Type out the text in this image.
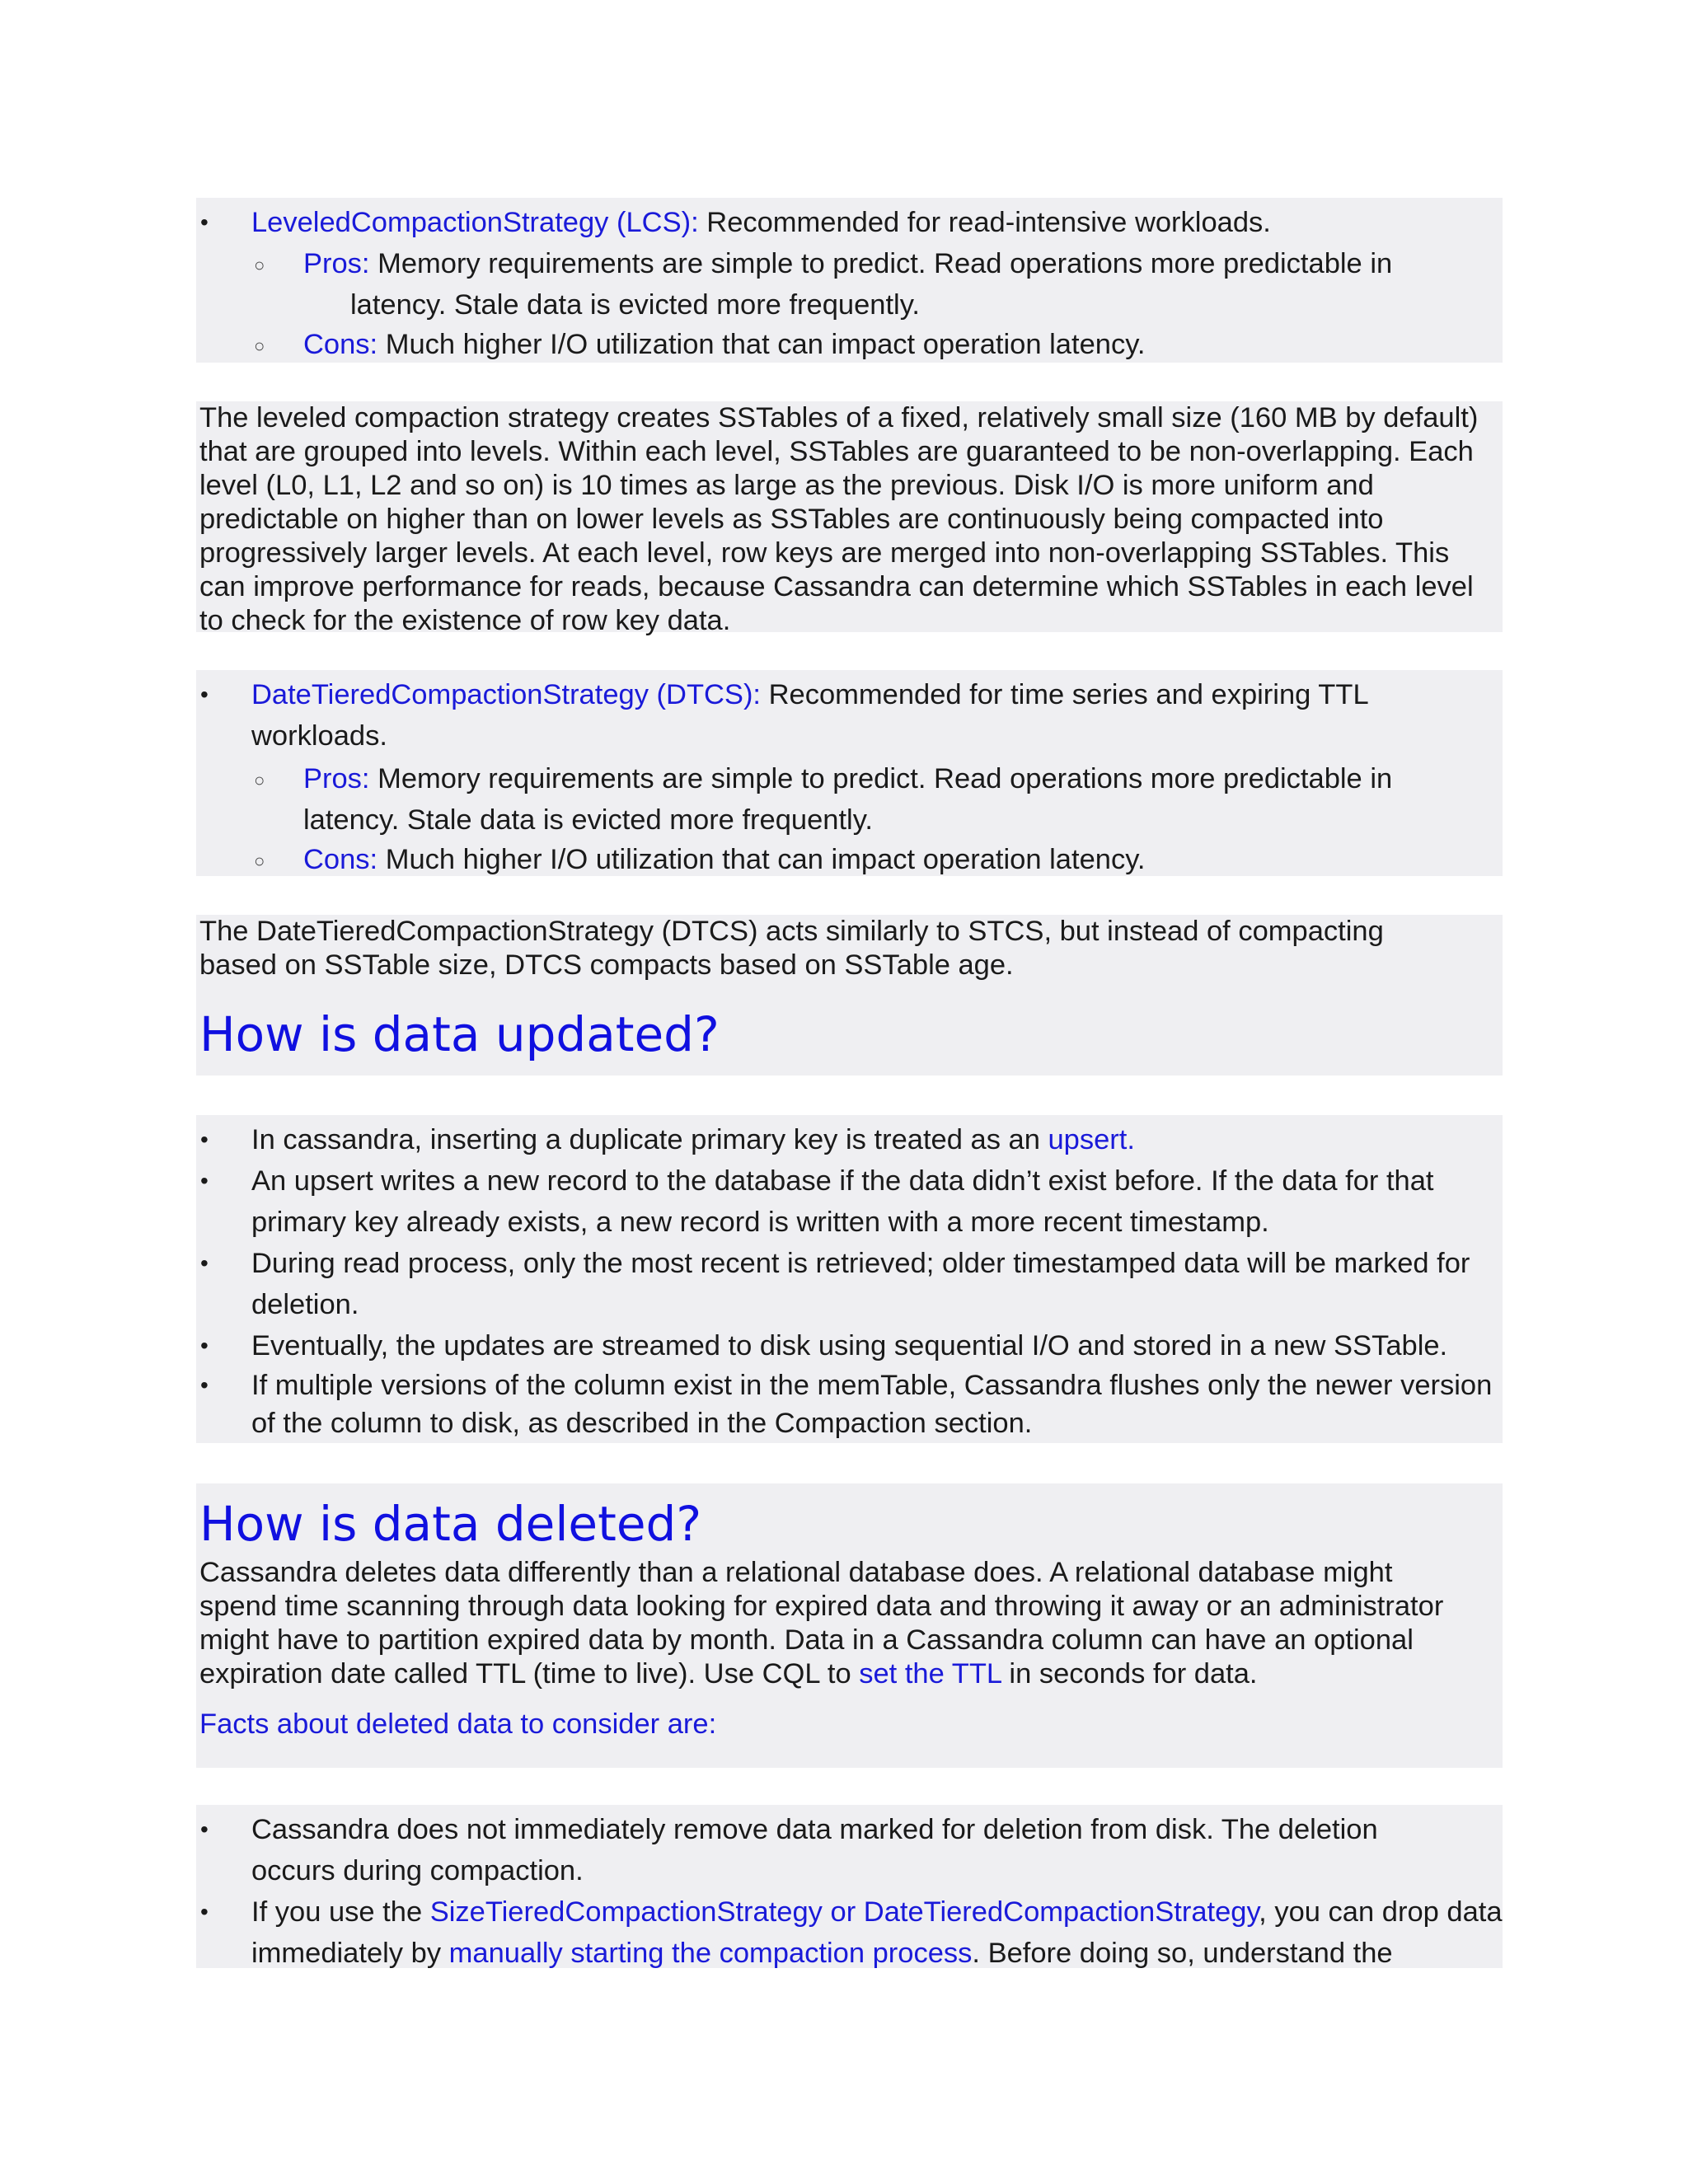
• LeveledCompactionStrategy (LCS): Recommended for read-intensive workloads.
○ Pros: Memory requirements are simple to predict. Read operations more predictable in
latency. Stale data is evicted more frequently.
○ Cons: Much higher I/O utilization that can impact operation latency.

The leveled compaction strategy creates SSTables of a fixed, relatively small size (160 MB by default) that are grouped into levels. Within each level, SSTables are guaranteed to be non-overlapping. Each level (L0, L1, L2 and so on) is 10 times as large as the previous. Disk I/O is more uniform and predictable on higher than on lower levels as SSTables are continuously being compacted into progressively larger levels. At each level, row keys are merged into non-overlapping SSTables. This can improve performance for reads, because Cassandra can determine which SSTables in each level to check for the existence of row key data.

• DateTieredCompactionStrategy (DTCS): Recommended for time series and expiring TTL workloads.
○ Pros: Memory requirements are simple to predict. Read operations more predictable in latency. Stale data is evicted more frequently.
○ Cons: Much higher I/O utilization that can impact operation latency.

The DateTieredCompactionStrategy (DTCS) acts similarly to STCS, but instead of compacting based on SSTable size, DTCS compacts based on SSTable age.

How is data updated?
• In cassandra, inserting a duplicate primary key is treated as an upsert.
• An upsert writes a new record to the database if the data didn’t exist before. If the data for that primary key already exists, a new record is written with a more recent timestamp.
• During read process, only the most recent is retrieved; older timestamped data will be marked for deletion.
• Eventually, the updates are streamed to disk using sequential I/O and stored in a new SSTable.
• If multiple versions of the column exist in the memTable, Cassandra flushes only the newer version of the column to disk, as described in the Compaction section.
How is data deleted?

Cassandra deletes data differently than a relational database does. A relational database might spend time scanning through data looking for expired data and throwing it away or an administrator might have to partition expired data by month. Data in a Cassandra column can have an optional expiration date called TTL (time to live). Use CQL to set the TTL in seconds for data.

Facts about deleted data to consider are:

• Cassandra does not immediately remove data marked for deletion from disk. The deletion occurs during compaction.
• If you use the SizeTieredCompactionStrategy or DateTieredCompactionStrategy, you can drop data immediately by manually starting the compaction process. Before doing so, understand the
